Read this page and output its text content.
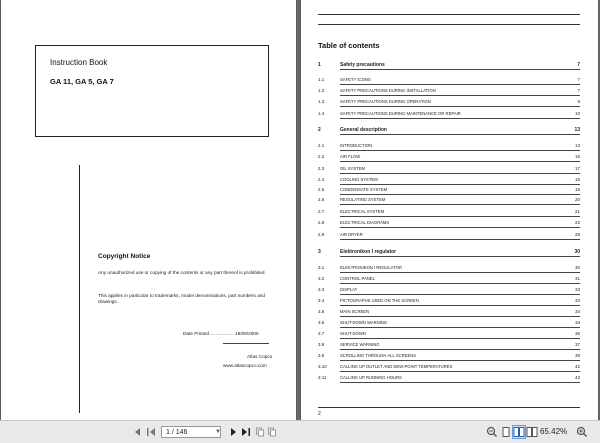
Instruction Book
GA 11, GA 5, GA 7
Copyright Notice
Any unauthorized use or copying of the contents or any part thereof is prohibited.
This applies in particular to trademarks, model denominations, part numbers and drawings.
Date Printed .................. 18/09/2006
Atlas Copco
www.atlascopco.com
Table of contents
1	Safety precautions	7
1.1	SAFETY ICONS	7
1.2	SAFETY PRECAUTIONS DURING INSTALLATION	7
1.3	SAFETY PRECAUTIONS DURING OPERATION	9
1.4	SAFETY PRECAUTIONS DURING MAINTENANCE OR REPAIR	10
2	General description	13
2.1	INTRODUCTION	13
2.2	AIR FLOW	16
2.3	OIL SYSTEM	17
2.4	COOLING SYSTEM	18
2.5	CONDENSATE SYSTEM	19
2.6	REGULATING SYSTEM	20
2.7	ELECTRICAL SYSTEM	21
2.8	ELECTRICAL DIAGRAMS	22
2.9	AIR DRYER	28
3	Elektronikon I regulator	30
3.1	ELEKTRONIKON I REGULATOR	30
3.2	CONTROL PANEL	31
3.3	DISPLAY	33
3.4	PICTOGRAPHS USED ON THE SCREEN	33
3.5	MAIN SCREEN	34
3.6	SHUT-DOWN WARNING	34
3.7	SHUT-DOWN	36
3.8	SERVICE WARNING	37
3.9	SCROLLING THROUGH ALL SCREENS	39
3.10	CALLING UP OUTLET AND DEW-POINT TEMPERATURES	42
3.11	CALLING UP RUNNING HOURS	43
2
1 / 146	▼	65.42%
